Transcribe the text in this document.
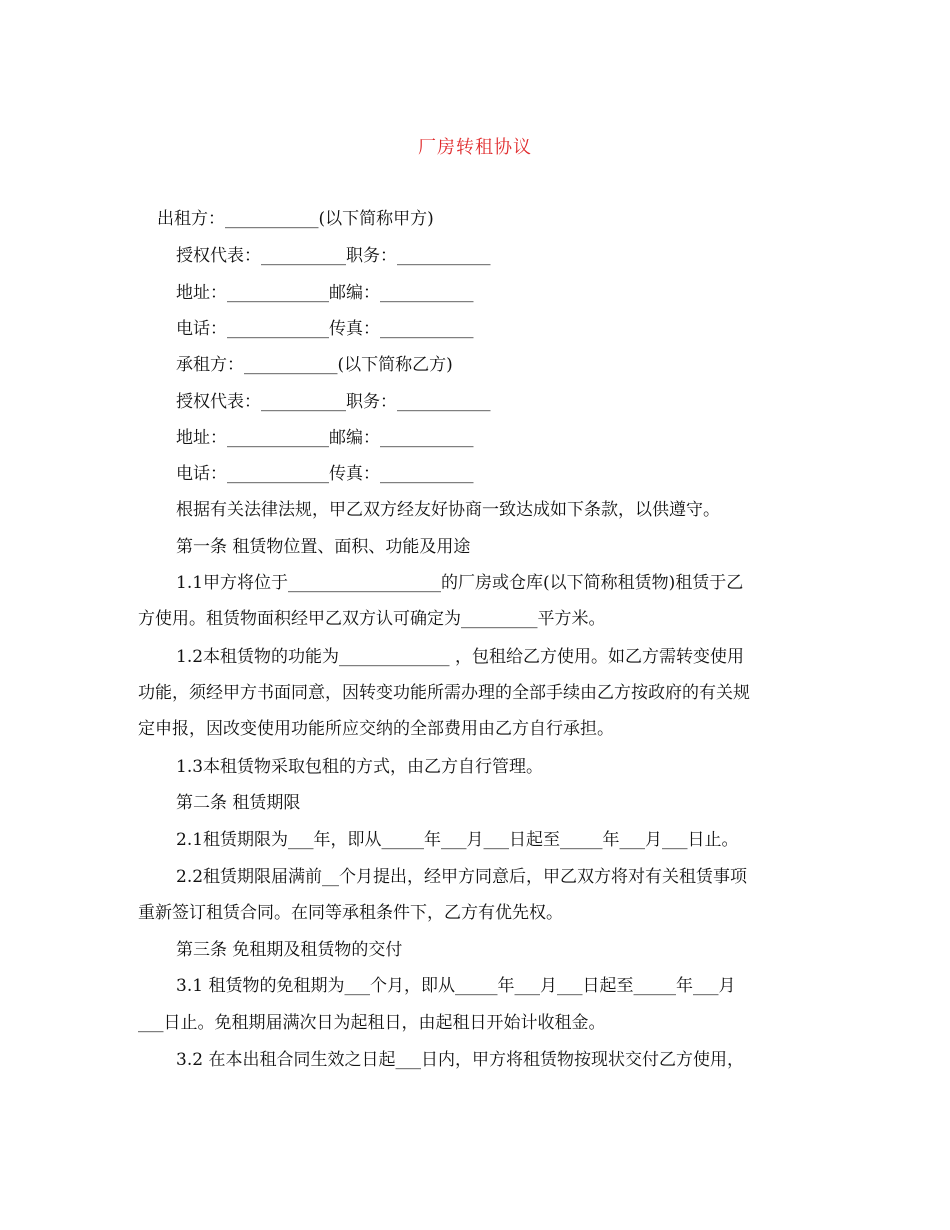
厂房转租协议
出租方：___________(以下简称甲方)
授权代表：__________职务：___________
地址：____________邮编：___________
电话：____________传真：___________
承租方：___________(以下简称乙方)
授权代表：__________职务：___________
地址：____________邮编：___________
电话：____________传真：___________
根据有关法律法规，甲乙双方经友好协商一致达成如下条款，以供遵守。
第一条 租赁物位置、面积、功能及用途
1.1甲方将位于__________________的厂房或仓库(以下简称租赁物)租赁于乙
方使用。租赁物面积经甲乙双方认可确定为_________平方米。
1.2本租赁物的功能为_____________ ，包租给乙方使用。如乙方需转变使用
功能，须经甲方书面同意，因转变功能所需办理的全部手续由乙方按政府的有关规
定申报，因改变使用功能所应交纳的全部费用由乙方自行承担。
1.3本租赁物采取包租的方式，由乙方自行管理。
第二条 租赁期限
2.1租赁期限为___年，即从_____年___月___日起至_____年___月___日止。
2.2租赁期限届满前__个月提出，经甲方同意后，甲乙双方将对有关租赁事项
重新签订租赁合同。在同等承租条件下，乙方有优先权。
第三条 免租期及租赁物的交付
3.1 租赁物的免租期为___个月，即从_____年___月___日起至_____年___月
___日止。免租期届满次日为起租日，由起租日开始计收租金。
3.2 在本出租合同生效之日起___日内，甲方将租赁物按现状交付乙方使用，
